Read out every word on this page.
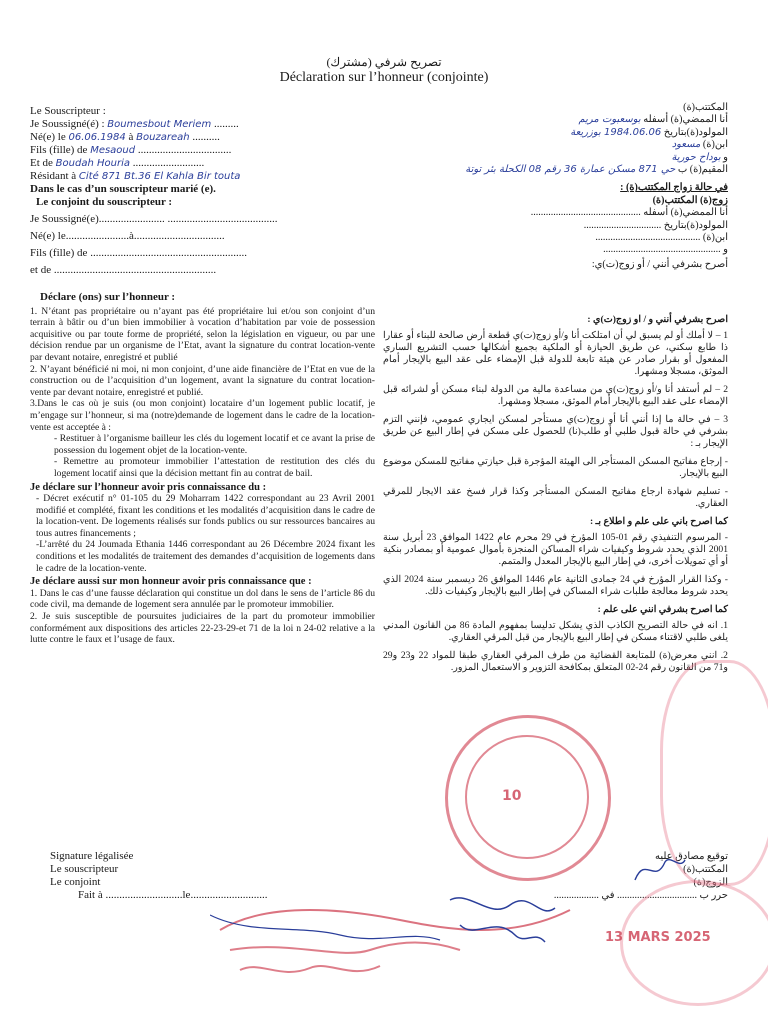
تصريح شرفي (مشترك)
Déclaration sur l’honneur (conjointe)
Le Souscripteur :
Je Soussigné(é) : Boumesbout Meriem .........
Né(e) le 06.06.1984 à Bouzareah ..........
Fils (fille) de Mesaoud ..................................
Et de Boudah Houria ..........................
Résidant à Cité 871 Bt.36 El Kahla Bir touta
Dans le cas d’un souscripteur marié (e).
Le conjoint du souscripteur :
Je Soussigné(e)........................ ........................................
Né(e) le.......................à.................................
Fils (fille) de .........................................................
et de ...........................................................
Déclare (ons) sur l’honneur :
1. N’étant pas propriétaire ou n’ayant pas été propriétaire lui et/ou son conjoint d’un terrain à bâtir ou d’un bien immobilier à vocation d’habitation par voie de possession acquisitive ou par toute forme de propriété, selon la législation en vigueur, ou par une décision rendue par un organisme de l’Etat, avant la signature du contrat location-vente par devant notaire, enregistré et publié
2. N’ayant bénéficié ni moi, ni mon conjoint, d’une aide financière de l’Etat en vue de la construction ou de l’acquisition d’un logement, avant la signature du contrat location-vente par devant notaire, enregistré et publié.
3.Dans le cas où je suis (ou mon conjoint) locataire d’un logement public locatif, je m’engage sur l’honneur, si ma (notre)demande de logement dans le cadre de la location-vente est acceptée à :
- Restituer à l’organisme bailleur les clés du logement locatif et ce avant la prise de possession du logement objet de la location-vente.
- Remettre au promoteur immobilier l’attestation de restitution des clés du logement locatif ainsi que la décision mettant fin au contrat de bail.
Je déclare sur l’honneur avoir pris connaissance du :
- Décret exécutif n° 01-105 du 29 Moharram 1422 correspondant au 23 Avril 2001 modifié et complété, fixant les conditions et les modalités d’acquisition dans le cadre de la location-vent. De logements réalisés sur fonds publics ou sur ressources bancaires au tous autres financements ;
-L’arrêté du 24 Joumada Ethania 1446 correspondant au 26 Décembre 2024 fixant les conditions et les modalités de traitement des demandes d’acquisition de logements dans le cadre de la location-vente.
Je déclare aussi sur mon honneur avoir pris connaissance que :
1. Dans le cas d’une fausse déclaration qui constitue un dol dans le sens de l’article 86 du code civil, ma demande de logement sera annulée par le promoteur immobilier.
2. Je suis susceptible de poursuites judiciaires de la part du promoteur immobilier conformément aux dispositions des articles 22-23-29-et 71 de la loi n 24-02 relative a la lutte contre le faux et l’usage de faux.
Signature légalisée
Le souscripteur
Le conjoint
Fait à ............................le............................
المكتتب(ة)
أنا الممضي(ة) أسفله بوسعبوت مريم
المولود(ة)بتاريخ 1984.06.06 بوزريعة
ابن(ة) مسعود
و بوداح حورية
المقيم(ة) ب حي 871 مسكن عمارة 36 رقم 08 الكحلة بئر توتة
في حالة زواج المكتتب(ة) :
زوج(ة) المكتتب(ة)
أنا الممضي(ة) أسفله ............................................
المولود(ة)بتاريخ ...............................
ابن(ة) ..........................................
و ...............................................
أصرح بشرفي أنني / أو زوج(ت)ي:
اصرح بشرفي أنني و / او زوج(ت)ي :

1 – لا أملك أو لم يسبق لي أن امتلكت أنا و/أو زوج(ت)ي قطعة أرض صالحة للبناء أو عقارا ذا طابع سكني، عن طريق الحيازة أو الملكية بجميع أشكالها حسب التشريع الساري المفعول أو بقرار صادر عن هيئة تابعة للدولة قبل الإمضاء على عقد البيع بالإيجار أمام الموثق، مسجلا ومشهرا.

2 – لم أستفد أنا و/أو زوج(ت)ي من مساعدة مالية من الدولة لبناء مسكن أو لشرائه قبل الإمضاء على عقد البيع بالإيجار أمام الموثق، مسجلا ومشهرا.

3 – في حالة ما إذا أنني أنا أو زوج(ت)ي مستأجر لمسكن ايجاري عمومي، فإنني التزم بشرفي في حالة قبول طلبي أو طلب(نا) للحصول على مسكن في إطار البيع عن طريق الإيجار بـ :

- إرجاع مفاتيح المسكن المستأجر الى الهيئة المؤجرة قبل حيازتي مفاتيح للمسكن موضوع البيع بالإيجار.

- تسليم شهادة ارجاع مفاتيح المسكن المستأجر وكذا قرار فسخ عقد الايجار للمرقي العقاري.

كما اصرح باني على علم و اطلاع بـ :

- المرسوم التنفيذي رقم 01-105 المؤرخ في 29 محرم عام 1422 الموافق 23 أبريل سنة 2001 الذي يحدد شروط وكيفيات شراء المساكن المنجزة بأموال عمومية أو بمصادر بنكية أو أي تمويلات أخرى، في إطار البيع بالإيجار المعدل والمتمم.

- وكذا القرار المؤرخ في 24 جمادى الثانية عام 1446 الموافق 26 ديسمبر سنة 2024 الذي يحدد شروط معالجة طلبات شراء المساكن في إطار البيع بالإيجار وكيفيات ذلك.

كما اصرح بشرفي انني على علم :

1. انه في حالة التصريح الكاذب الذي يشكل تدليسا بمفهوم المادة 86 من القانون المدني يلغى طلبي لاقتناء مسكن في إطار البيع بالإيجار من قبل المرقي العقاري.

2. انني معرض(ة) للمتابعة القضائية من طرف المرقي العقاري طبقا للمواد 22 و23 و29 و71 من القانون رقم 24-02 المتعلق بمكافحة التزوير و الاستعمال المزور.

توقيع مصادق عليه
المكتتب(ة)
الزوج(ة)
حرر ب ................................ في ..................
10
13 MARS 2025
